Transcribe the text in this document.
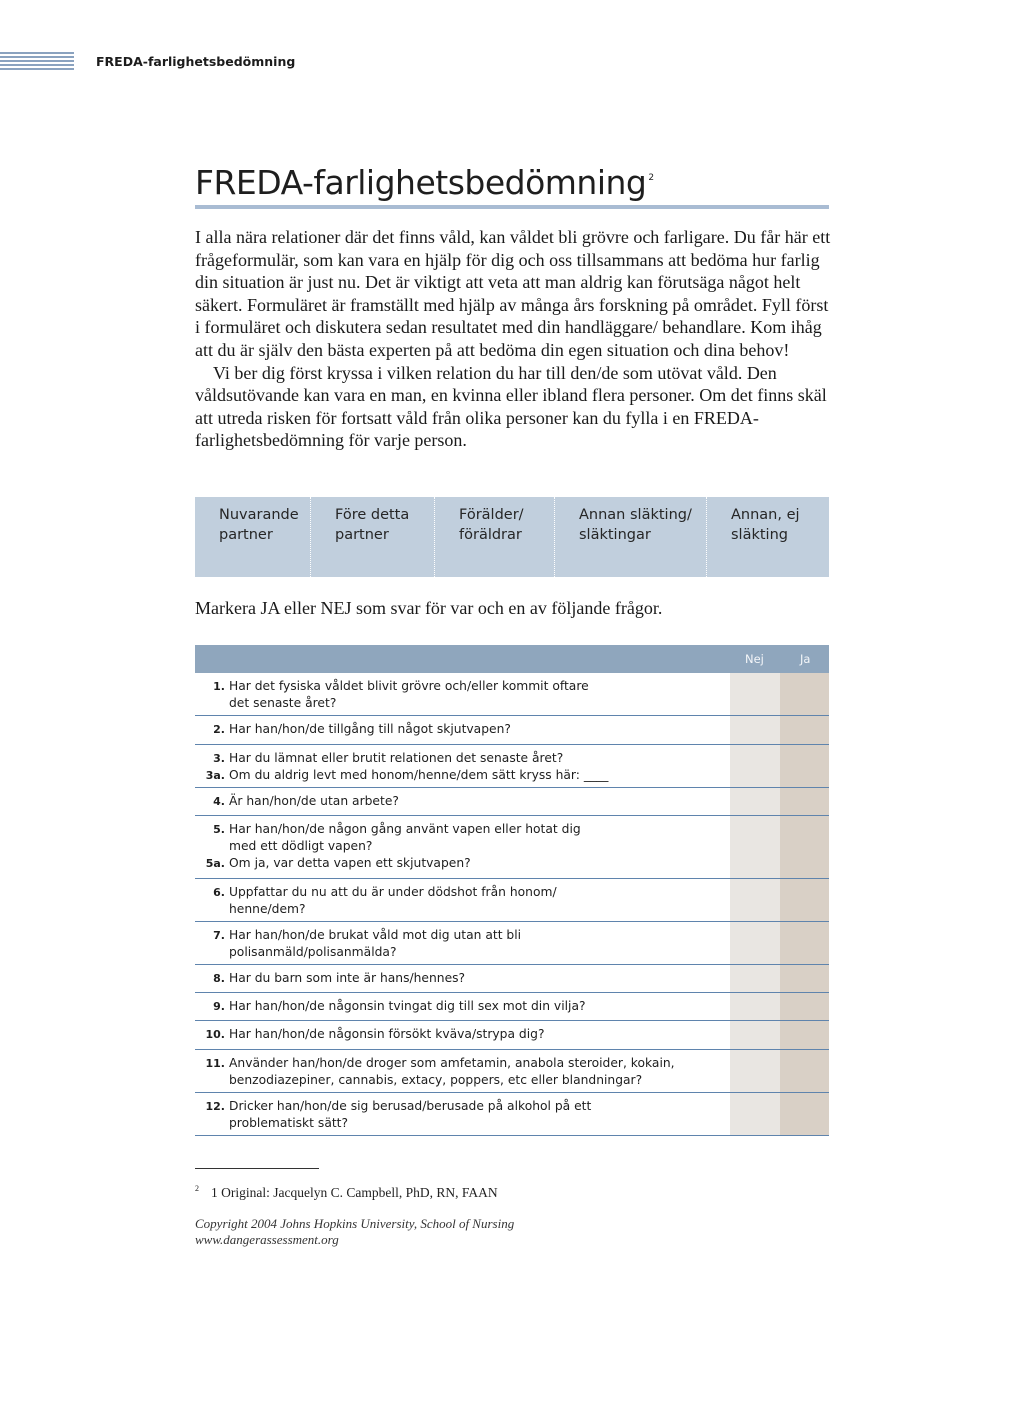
FREDA-farlighetsbedömning
FREDA-farlighetsbedömning $^2$

I alla nära relationer där det finns våld, kan våldet bli grövre och farligare. Du får här ett frågeformulär, som kan vara en hjälp för dig och oss tillsammans att bedöma hur farlig din situation är just nu. Det är viktigt att veta att man aldrig kan förutsäga något helt säkert. Formuläret är framställt med hjälp av många års forskning på området. Fyll först i formuläret och diskutera sedan resultatet med din handläggare/ behandlare. Kom ihåg att du är själv den bästa experten på att bedöma din egen situation och dina behov!

Vi ber dig först kryssa i vilken relation du har till den/de som utövat våld. Den våldsutövande kan vara en man, en kvinna eller ibland flera personer. Om det finns skäl att utreda risken för fortsatt våld från olika personer kan du fylla i en FREDA-farlighetsbedömning för varje person.

Nuvarande
partner
Före detta
partner
Förälder/
föräldrar
Annan släkting/
släktingar
Annan, ej
släkting
Markera JA eller NEJ som svar för var och en av följande frågor.
Nej	Ja
1. Har det fysiska våldet blivit grövre och/eller kommit oftare
det senaste året?
2. Har han/hon/de tillgång till något skjutvapen?
3. Har du lämnat eller brutit relationen det senaste året?
3a. Om du aldrig levt med honom/henne/dem sätt kryss här: ____
4. Är han/hon/de utan arbete?
5. Har han/hon/de någon gång använt vapen eller hotat dig
med ett dödligt vapen?
5a. Om ja, var detta vapen ett skjutvapen?
6. Uppfattar du nu att du är under dödshot från honom/
henne/dem?
7. Har han/hon/de brukat våld mot dig utan att bli
polisanmäld/polisanmälda?
8. Har du barn som inte är hans/hennes?
9. Har han/hon/de någonsin tvingat dig till sex mot din vilja?
10. Har han/hon/de någonsin försökt kväva/strypa dig?
11. Använder han/hon/de droger som amfetamin, anabola steroider, kokain,
benzodiazepiner, cannabis, extacy, poppers, etc eller blandningar?
12. Dricker han/hon/de sig berusad/berusade på alkohol på ett
problematiskt sätt?
$^2$ 1 Original: Jacquelyn C. Campbell, PhD, RN, FAAN
Copyright 2004 Johns Hopkins University, School of Nursing
www.dangerassessment.org
